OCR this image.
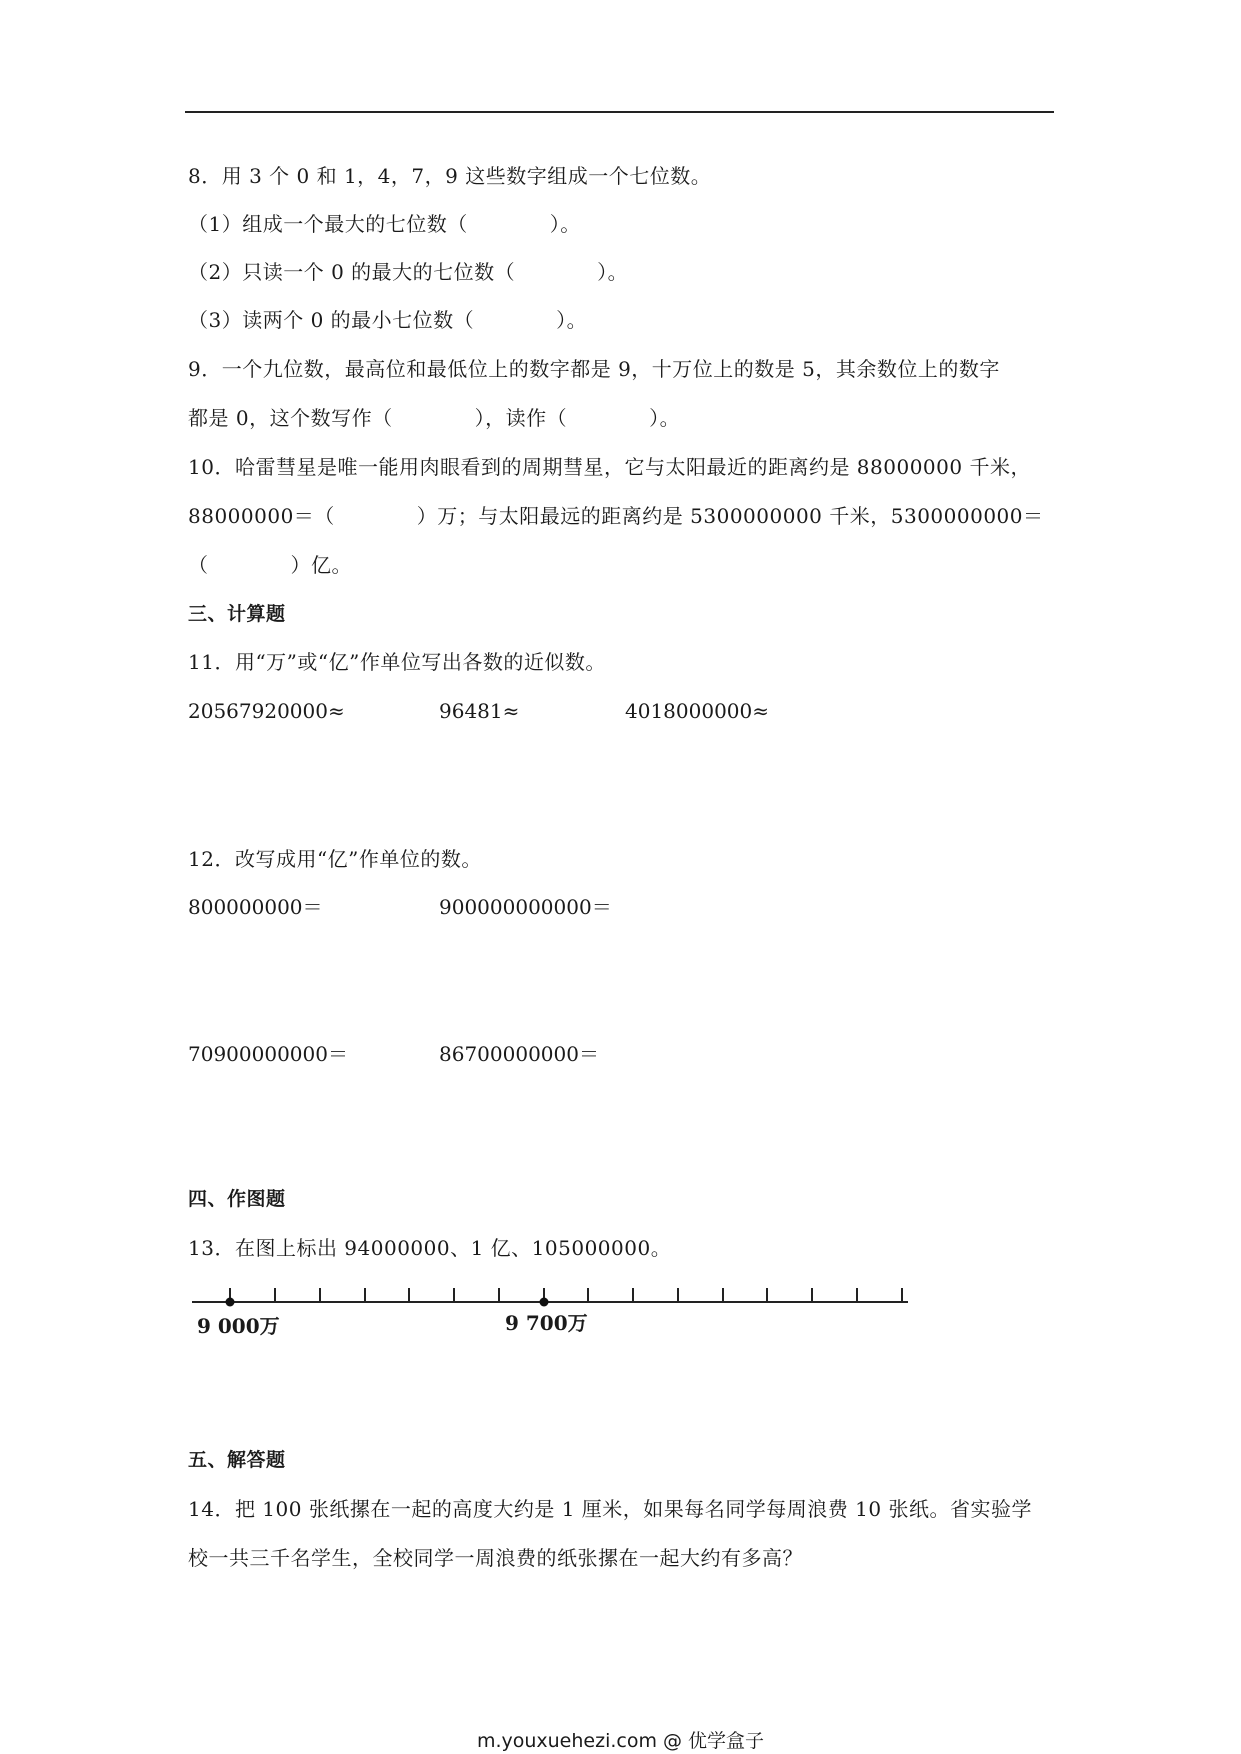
8．用 3 个 0 和 1，4，7，9 这些数字组成一个七位数。
（1）组成一个最大的七位数（　　　　）。
（2）只读一个 0 的最大的七位数（　　　　）。
（3）读两个 0 的最小七位数（　　　　）。
9．一个九位数，最高位和最低位上的数字都是 9，十万位上的数是 5，其余数位上的数字
都是 0，这个数写作（　　　　），读作（　　　　）。
10．哈雷彗星是唯一能用肉眼看到的周期彗星，它与太阳最近的距离约是 88000000 千米，
88000000＝（　　　　）万；与太阳最远的距离约是 5300000000 千米，5300000000＝
（　　　　）亿。
三、计算题
11．用“万”或“亿”作单位写出各数的近似数。
20567920000≈	96481≈	4018000000≈
12．改写成用“亿”作单位的数。
800000000＝	900000000000＝
70900000000＝	86700000000＝
四、作图题
13．在图上标出 94000000、1 亿、105000000。
9 000万	9 700万
五、解答题
14．把 100 张纸摞在一起的高度大约是 1 厘米，如果每名同学每周浪费 10 张纸。省实验学
校一共三千名学生，全校同学一周浪费的纸张摞在一起大约有多高？
m.youxuehezi.com @ 优学盒子
